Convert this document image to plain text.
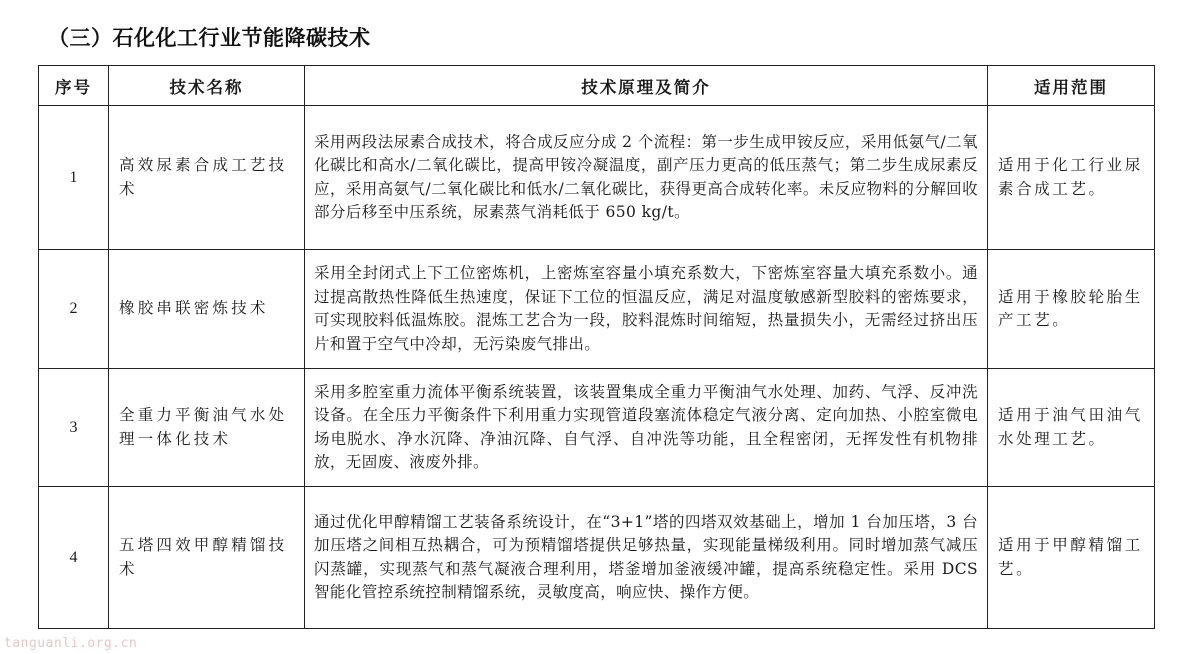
（三）石化化工行业节能降碳技术
序号	技术名称	技术原理及简介	适用范围
1	高效尿素合成工艺技术	采用两段法尿素合成技术，将合成反应分成 2 个流程：第一步生成甲铵反应，采用低氨气/二氧化碳比和高水/二氧化碳比，提高甲铵冷凝温度，副产压力更高的低压蒸气；第二步生成尿素反应，采用高氨气/二氧化碳比和低水/二氧化碳比，获得更高合成转化率。未反应物料的分解回收部分后移至中压系统，尿素蒸气消耗低于 650 kg/t。	适用于化工行业尿素合成工艺。
2	橡胶串联密炼技术	采用全封闭式上下工位密炼机，上密炼室容量小填充系数大，下密炼室容量大填充系数小。通过提高散热性降低生热速度，保证下工位的恒温反应，满足对温度敏感新型胶料的密炼要求，可实现胶料低温炼胶。混炼工艺合为一段，胶料混炼时间缩短，热量损失小，无需经过挤出压片和置于空气中冷却，无污染废气排出。	适用于橡胶轮胎生产工艺。
3	全重力平衡油气水处理一体化技术	采用多腔室重力流体平衡系统装置，该装置集成全重力平衡油气水处理、加药、气浮、反冲洗设备。在全压力平衡条件下利用重力实现管道段塞流体稳定气液分离、定向加热、小腔室微电场电脱水、净水沉降、净油沉降、自气浮、自冲洗等功能，且全程密闭，无挥发性有机物排放，无固废、液废外排。	适用于油气田油气水处理工艺。
4	五塔四效甲醇精馏技术	通过优化甲醇精馏工艺装备系统设计，在“3+1”塔的四塔双效基础上，增加 1 台加压塔，3 台加压塔之间相互热耦合，可为预精馏塔提供足够热量，实现能量梯级利用。同时增加蒸气减压闪蒸罐，实现蒸气和蒸气凝液合理利用，塔釜增加釜液缓冲罐，提高系统稳定性。采用 DCS 智能化管控系统控制精馏系统，灵敏度高，响应快、操作方便。	适用于甲醇精馏工艺。
tanguanli.org.cn
